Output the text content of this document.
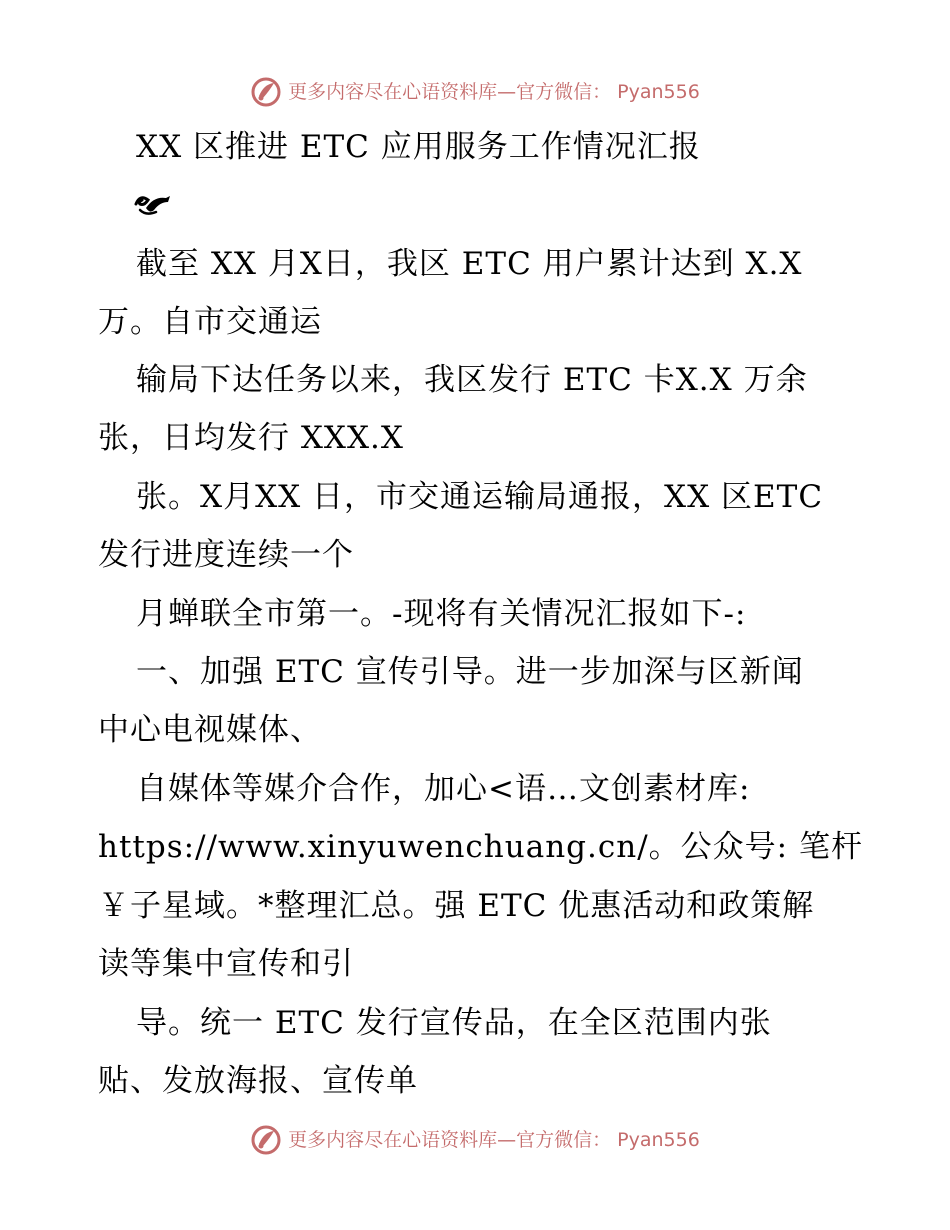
更多内容尽在心语资料库—官方微信： Pyan556
XX 区推进 ETC 应用服务工作情况汇报
截至 XX 月X日，我区 ETC 用户累计达到 X.X
万。自市交通运
输局下达任务以来，我区发行 ETC 卡X.X 万余
张，日均发行 XXX.X
张。X月XX 日，市交通运输局通报，XX 区ETC
发行进度连续一个
月蝉联全市第一。-现将有关情况汇报如下-:
一、加强 ETC 宣传引导。进一步加深与区新闻
中心电视媒体、
自媒体等媒介合作，加心<语…文创素材库:
https://www.xinyuwenchuang.cn/。公众号: 笔杆
￥子星域。*整理汇总。强 ETC 优惠活动和政策解
读等集中宣传和引
导。统一 ETC 发行宣传品，在全区范围内张
贴、发放海报、宣传单
更多内容尽在心语资料库—官方微信： Pyan556
